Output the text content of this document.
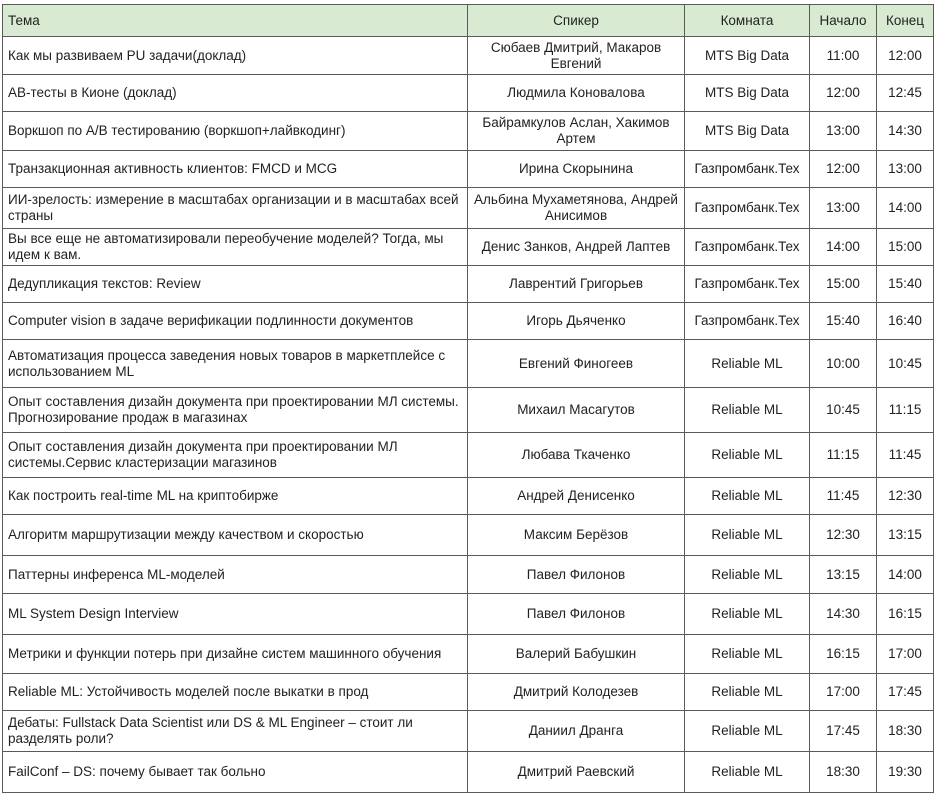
Тема	Спикер	Комната	Начало	Конец
Как мы развиваем PU задачи(доклад)	Сюбаев Дмитрий, Макаров Евгений	MTS Big Data	11:00	12:00
АВ-тесты в Кионе (доклад)	Людмила Коновалова	MTS Big Data	12:00	12:45
Воркшоп по А/В тестированию (воркшоп+лайвкодинг)	Байрамкулов Аслан, Хакимов Артем	MTS Big Data	13:00	14:30
Транзакционная активность клиентов: FMCD и MCG	Ирина Скорынина	Газпромбанк.Тех	12:00	13:00
ИИ-зрелость: измерение в масштабах организации и в масштабах всей страны	Альбина Мухаметянова, Андрей Анисимов	Газпромбанк.Тех	13:00	14:00
Вы все еще не автоматизировали переобучение моделей? Тогда, мы идем к вам.	Денис Занков, Андрей Лаптев	Газпромбанк.Тех	14:00	15:00
Дедупликация текстов: Review	Лаврентий Григорьев	Газпромбанк.Тех	15:00	15:40
Computer vision в задаче верификации подлинности документов	Игорь Дьяченко	Газпромбанк.Тех	15:40	16:40
Автоматизация процесса заведения новых товаров в маркетплейсе с использованием ML	Евгений Финогеев	Reliable ML	10:00	10:45
Опыт составления дизайн документа при проектировании МЛ системы. Прогнозирование продаж в магазинах	Михаил Масагутов	Reliable ML	10:45	11:15
Опыт составления дизайн документа при проектировании МЛ системы.Сервис кластеризации магазинов	Любава Ткаченко	Reliable ML	11:15	11:45
Как построить real-time ML на криптобирже	Андрей Денисенко	Reliable ML	11:45	12:30
Алгоритм маршрутизации между качеством и скоростью	Максим Берёзов	Reliable ML	12:30	13:15
Паттерны инференса ML-моделей	Павел Филонов	Reliable ML	13:15	14:00
ML System Design Interview	Павел Филонов	Reliable ML	14:30	16:15
Метрики и функции потерь при дизайне систем машинного обучения	Валерий Бабушкин	Reliable ML	16:15	17:00
Reliable ML: Устойчивость моделей после выкатки в прод	Дмитрий Колодезев	Reliable ML	17:00	17:45
Дебаты: Fullstack Data Scientist или DS & ML Engineer – стоит ли разделять роли?	Даниил Дранга	Reliable ML	17:45	18:30
FailConf – DS: почему бывает так больно	Дмитрий Раевский	Reliable ML	18:30	19:30
